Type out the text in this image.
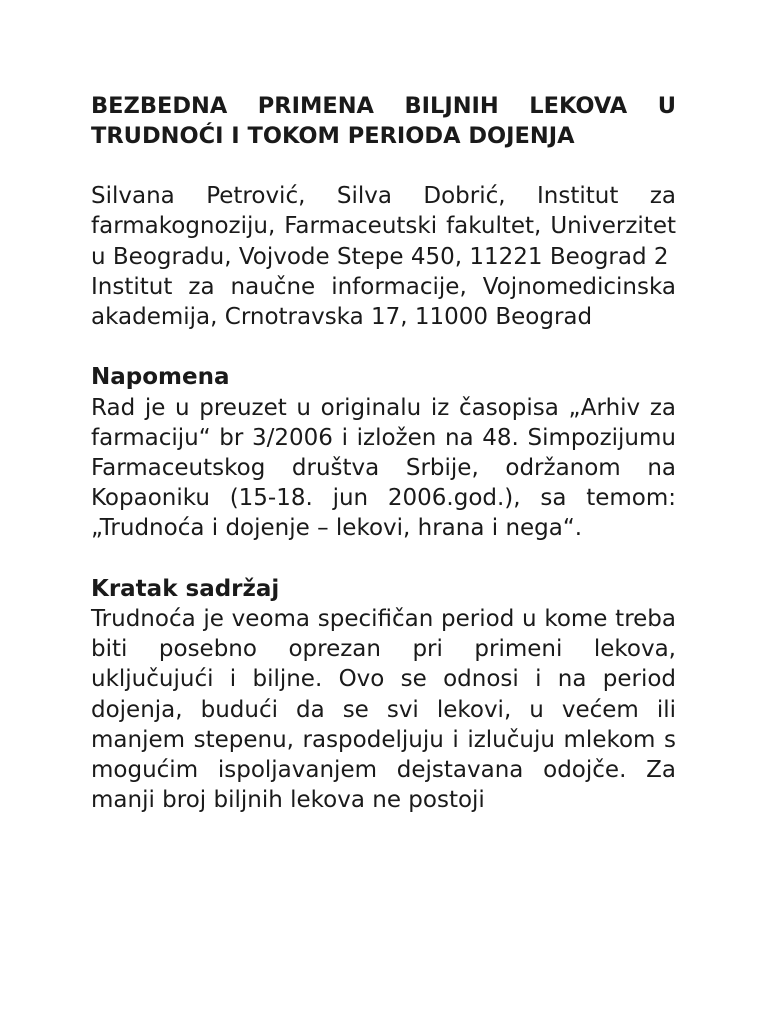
BEZBEDNA PRIMENA BILJNIH LEKOVA U TRUDNOĆI I TOKOM PERIODA DOJENJA

Silvana Petrović, Silva Dobrić, Institut za farmakognoziju, Farmaceutski fakultet, Univerzitet u Beogradu, Vojvode Stepe 450, 11221 Beograd 2

Institut za naučne informacije, Vojnomedicinska akademija, Crnotravska 17, 11000 Beograd

Napomena

Rad je u preuzet u originalu iz časopisa „Arhiv za farmaciju“ br 3/2006 i izložen na 48. Simpozijumu Farmaceutskog društva Srbije, održanom na Kopaoniku (15-18. jun 2006.god.), sa temom: „Trudnoća i dojenje – lekovi, hrana i nega“.

Kratak sadržaj

Trudnoća je veoma specifičan period u kome treba biti posebno oprezan pri primeni lekova, uključujući i biljne. Ovo se odnosi i na period dojenja, budući da se svi lekovi, u većem ili manjem stepenu, raspodeljuju i izlučuju mlekom s mogućim ispoljavanjem dejstavana odojče. Za manji broj biljnih lekova ne postoji
